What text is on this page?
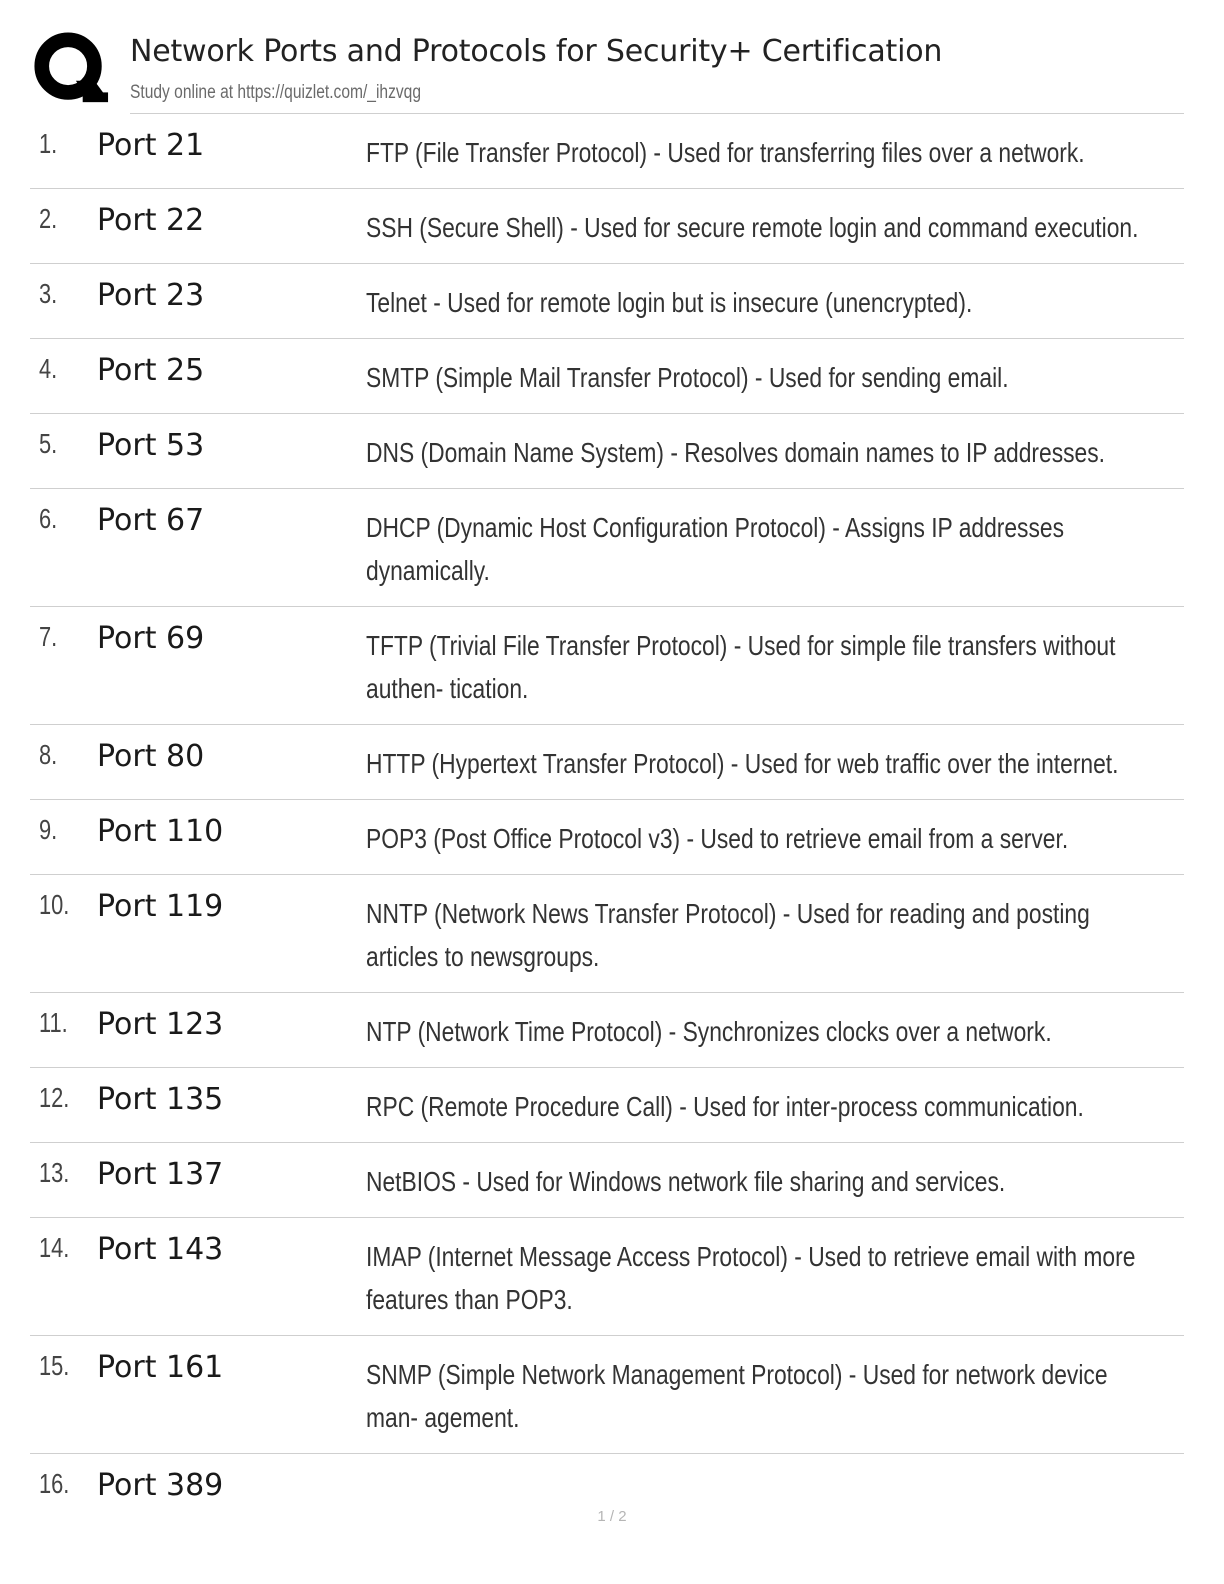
Network Ports and Protocols for Security+ Certification
Study online at https://quizlet.com/_ihzvqg
1. Port 21	FTP (File Transfer Protocol) - Used for transferring files over a network.
2. Port 22	SSH (Secure Shell) - Used for secure remote login and command execution.
3. Port 23	Telnet - Used for remote login but is insecure (unencrypted).
4. Port 25	SMTP (Simple Mail Transfer Protocol) - Used for sending email.
5. Port 53	DNS (Domain Name System) - Resolves domain names to IP addresses.
6. Port 67	DHCP (Dynamic Host Configuration Protocol) - Assigns IP addresses dynamically.
7. Port 69	TFTP (Trivial File Transfer Protocol) - Used for simple file transfers without authen- tication.
8. Port 80	HTTP (Hypertext Transfer Protocol) - Used for web traffic over the internet.
9. Port 110	POP3 (Post Office Protocol v3) - Used to retrieve email from a server.
10. Port 119	NNTP (Network News Transfer Protocol) - Used for reading and posting articles to newsgroups.
11. Port 123	NTP (Network Time Protocol) - Synchronizes clocks over a network.
12. Port 135	RPC (Remote Procedure Call) - Used for inter-process communication.
13. Port 137	NetBIOS - Used for Windows network file sharing and services.
14. Port 143	IMAP (Internet Message Access Protocol) - Used to retrieve email with more features than POP3.
15. Port 161	SNMP (Simple Network Management Protocol) - Used for network device man- agement.
16. Port 389
1 / 2
